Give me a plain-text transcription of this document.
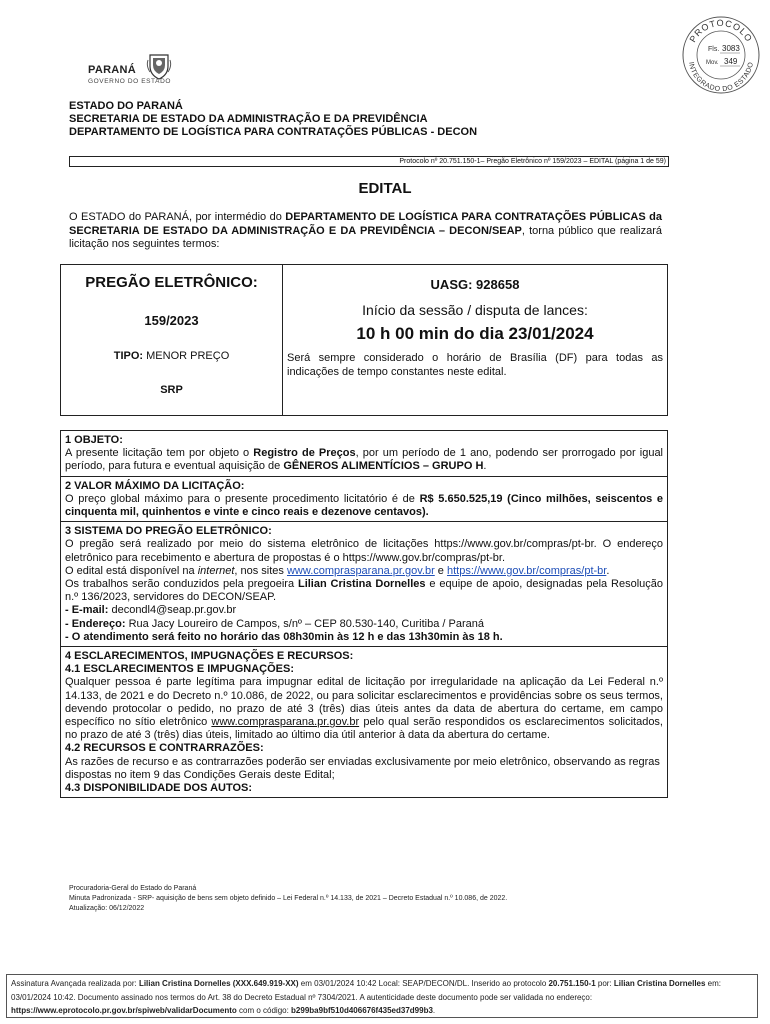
PROTOCOLO
INTEGRADO DO ESTADO
Fls. 3083
Mov. 349
PARANÁ
GOVERNO DO ESTADO
ESTADO DO PARANÁ
SECRETARIA DE ESTADO DA ADMINISTRAÇÃO E DA PREVIDÊNCIA
DEPARTAMENTO DE LOGÍSTICA PARA CONTRATAÇÕES PÚBLICAS - DECON
Protocolo nº 20.751.150-1– Pregão Eletrônico nº 159/2023 – EDITAL (página 1 de 59)
EDITAL
O ESTADO do PARANÁ, por intermédio do DEPARTAMENTO DE LOGÍSTICA PARA CONTRATAÇÕES PÚBLICAS da SECRETARIA DE ESTADO DA ADMINISTRAÇÃO E DA PREVIDÊNCIA – DECON/SEAP, torna público que realizará licitação nos seguintes termos:
PREGÃO ELETRÔNICO:
159/2023
TIPO: MENOR PREÇO
SRP
UASG: 928658
Início da sessão / disputa de lances:
10 h 00 min do dia 23/01/2024
Será sempre considerado o horário de Brasília (DF) para todas as indicações de tempo constantes neste edital.

1 OBJETO:

A presente licitação tem por objeto o Registro de Preços, por um período de 1 ano, podendo ser prorrogado por igual período, para futura e eventual aquisição de GÊNEROS ALIMENTÍCIOS – GRUPO H.

2 VALOR MÁXIMO DA LICITAÇÃO:

O preço global máximo para o presente procedimento licitatório é de R$ 5.650.525,19 (Cinco milhões, seiscentos e cinquenta mil, quinhentos e vinte e cinco reais e dezenove centavos).

3 SISTEMA DO PREGÃO ELETRÔNICO:

O pregão será realizado por meio do sistema eletrônico de licitações https://www.gov.br/compras/pt-br. O endereço eletrônico para recebimento e abertura de propostas é o https://www.gov.br/compras/pt-br.

O edital está disponível na internet, nos sites www.comprasparana.pr.gov.br e https://www.gov.br/compras/pt-br.

Os trabalhos serão conduzidos pela pregoeira Lilian Cristina Dornelles e equipe de apoio, designadas pela Resolução n.º 136/2023, servidores do DECON/SEAP.

- E-mail: decondl4@seap.pr.gov.br

- Endereço: Rua Jacy Loureiro de Campos, s/nº – CEP 80.530-140, Curitiba / Paraná

- O atendimento será feito no horário das 08h30min às 12 h e das 13h30min às 18 h.

4 ESCLARECIMENTOS, IMPUGNAÇÕES E RECURSOS:

4.1 ESCLARECIMENTOS E IMPUGNAÇÕES:

Qualquer pessoa é parte legítima para impugnar edital de licitação por irregularidade na aplicação da Lei Federal n.º 14.133, de 2021 e do Decreto n.º 10.086, de 2022, ou para solicitar esclarecimentos e providências sobre os seus termos, devendo protocolar o pedido, no prazo de até 3 (três) dias úteis antes da data de abertura do certame, em campo específico no sítio eletrônico www.comprasparana.pr.gov.br pelo qual serão respondidos os esclarecimentos solicitados, no prazo de até 3 (três) dias úteis, limitado ao último dia útil anterior à data da abertura do certame.

4.2 RECURSOS E CONTRARRAZÕES:

As razões de recurso e as contrarrazões poderão ser enviadas exclusivamente por meio eletrônico, observando as regras dispostas no item 9 das Condições Gerais deste Edital;

4.3 DISPONIBILIDADE DOS AUTOS:

Procuradoria-Geral do Estado do Paraná
Minuta Padronizada - SRP- aquisição de bens sem objeto definido – Lei Federal n.º 14.133, de 2021 – Decreto Estadual n.º 10.086, de 2022.
Atualização: 06/12/2022
Assinatura Avançada realizada por: Lilian Cristina Dornelles (XXX.649.919-XX) em 03/01/2024 10:42 Local: SEAP/DECON/DL. Inserido ao protocolo 20.751.150-1 por: Lilian Cristina Dornelles em: 03/01/2024 10:42. Documento assinado nos termos do Art. 38 do Decreto Estadual nº 7304/2021. A autenticidade deste documento pode ser validada no endereço: https://www.eprotocolo.pr.gov.br/spiweb/validarDocumento com o código: b299ba9bf510d406676f435ed37d99b3.
